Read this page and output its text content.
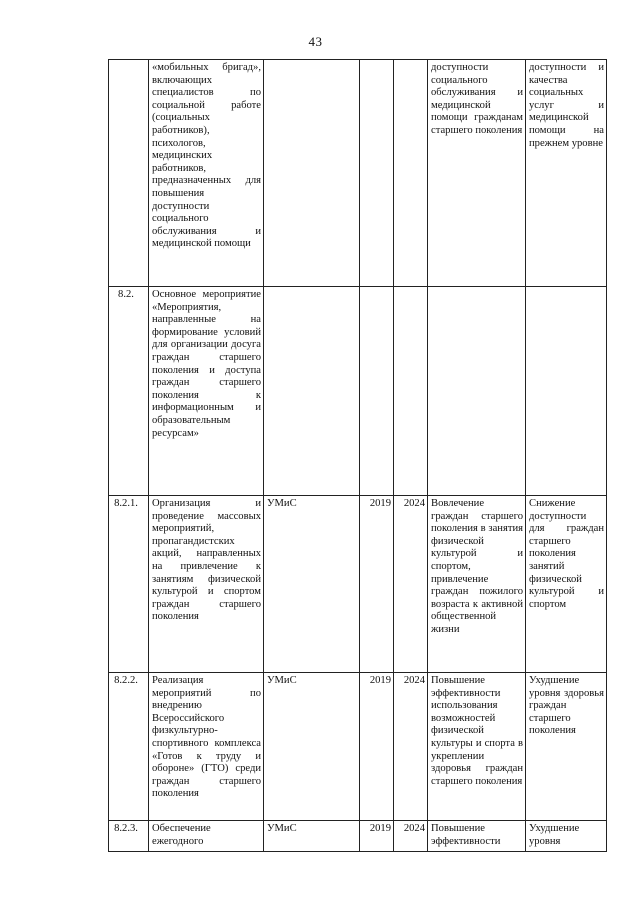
43

	«мобильных бригад», включающих специалистов по социальной работе (социальных работников), психологов, медицинских работников, предназначенных для повышения доступности социального обслуживания и медицинской помощи				доступности социального обслуживания и медицинской помощи гражданам старшего поколения	доступности и качества социальных услуг и медицинской помощи на прежнем уровне

8.2.	Основное мероприятие «Мероприятия, направленные на формирование условий для организации досуга граждан старшего поколения и доступа граждан старшего поколения к информационным и образовательным ресурсам»					

8.2.1.	Организация и проведение массовых мероприятий, пропагандистских акций, направленных на привлечение к занятиям физической культурой и спортом граждан старшего поколения	УМиС	2019	2024	Вовлечение граждан старшего поколения в занятия физической культурой и спортом, привлечение граждан пожилого возраста к активной общественной жизни	Снижение доступности для граждан старшего поколения занятий физической культурой и спортом

8.2.2.	Реализация мероприятий по внедрению Всероссийского физкультурно-спортивного комплекса «Готов к труду и обороне» (ГТО) среди граждан старшего поколения	УМиС	2019	2024	Повышение эффективности использования возможностей физической культуры и спорта в укреплении здоровья граждан старшего поколения	Ухудшение уровня здоровья граждан старшего поколения

8.2.3.	Обеспечение ежегодного	УМиС	2019	2024	Повышение эффективности	Ухудшение уровня
